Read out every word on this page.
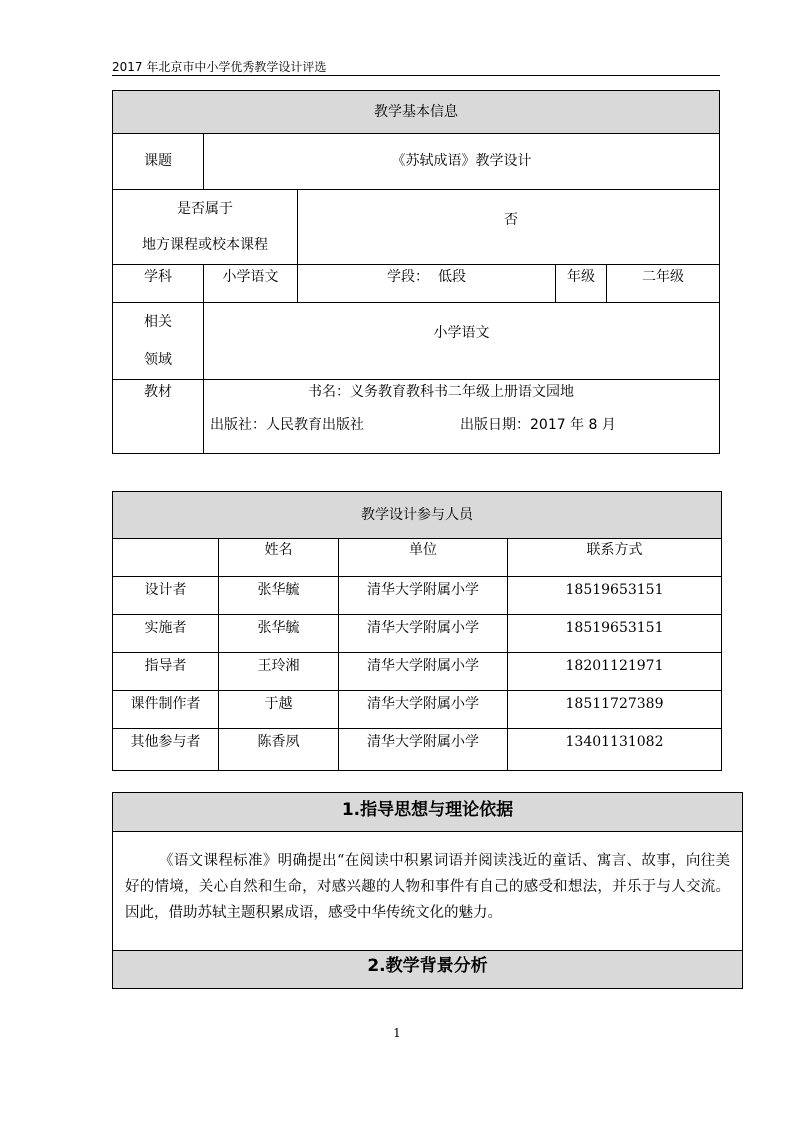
2017 年北京市中小学优秀教学设计评选
教学基本信息				
课题	《苏轼成语》教学设计			

是否属于
地方课程或校本课程		否		
学科	小学语文	学段： 低段	年级	二年级

相关
领域	小学语文			
教材	书名：义务教育教科书二年级上册语文园地
出版社：人民教育出版社 出版日期：2017 年 8 月			
教学设计参与人员			
	姓名	单位	联系方式
设计者	张华毓	清华大学附属小学	18519653151
实施者	张华毓	清华大学附属小学	18519653151
指导者	王玲湘	清华大学附属小学	18201121971
课件制作者	于越	清华大学附属小学	18511727389
其他参与者	陈香夙	清华大学附属小学	13401131082
1.指导思想与理论依据
《语文课程标准》明确提出“在阅读中积累词语并阅读浅近的童话、寓言、故事，向往美好的情境，关心自然和生命，对感兴趣的人物和事件有自己的感受和想法，并乐于与人交流。因此，借助苏轼主题积累成语，感受中华传统文化的魅力。
2.教学背景分析
1
